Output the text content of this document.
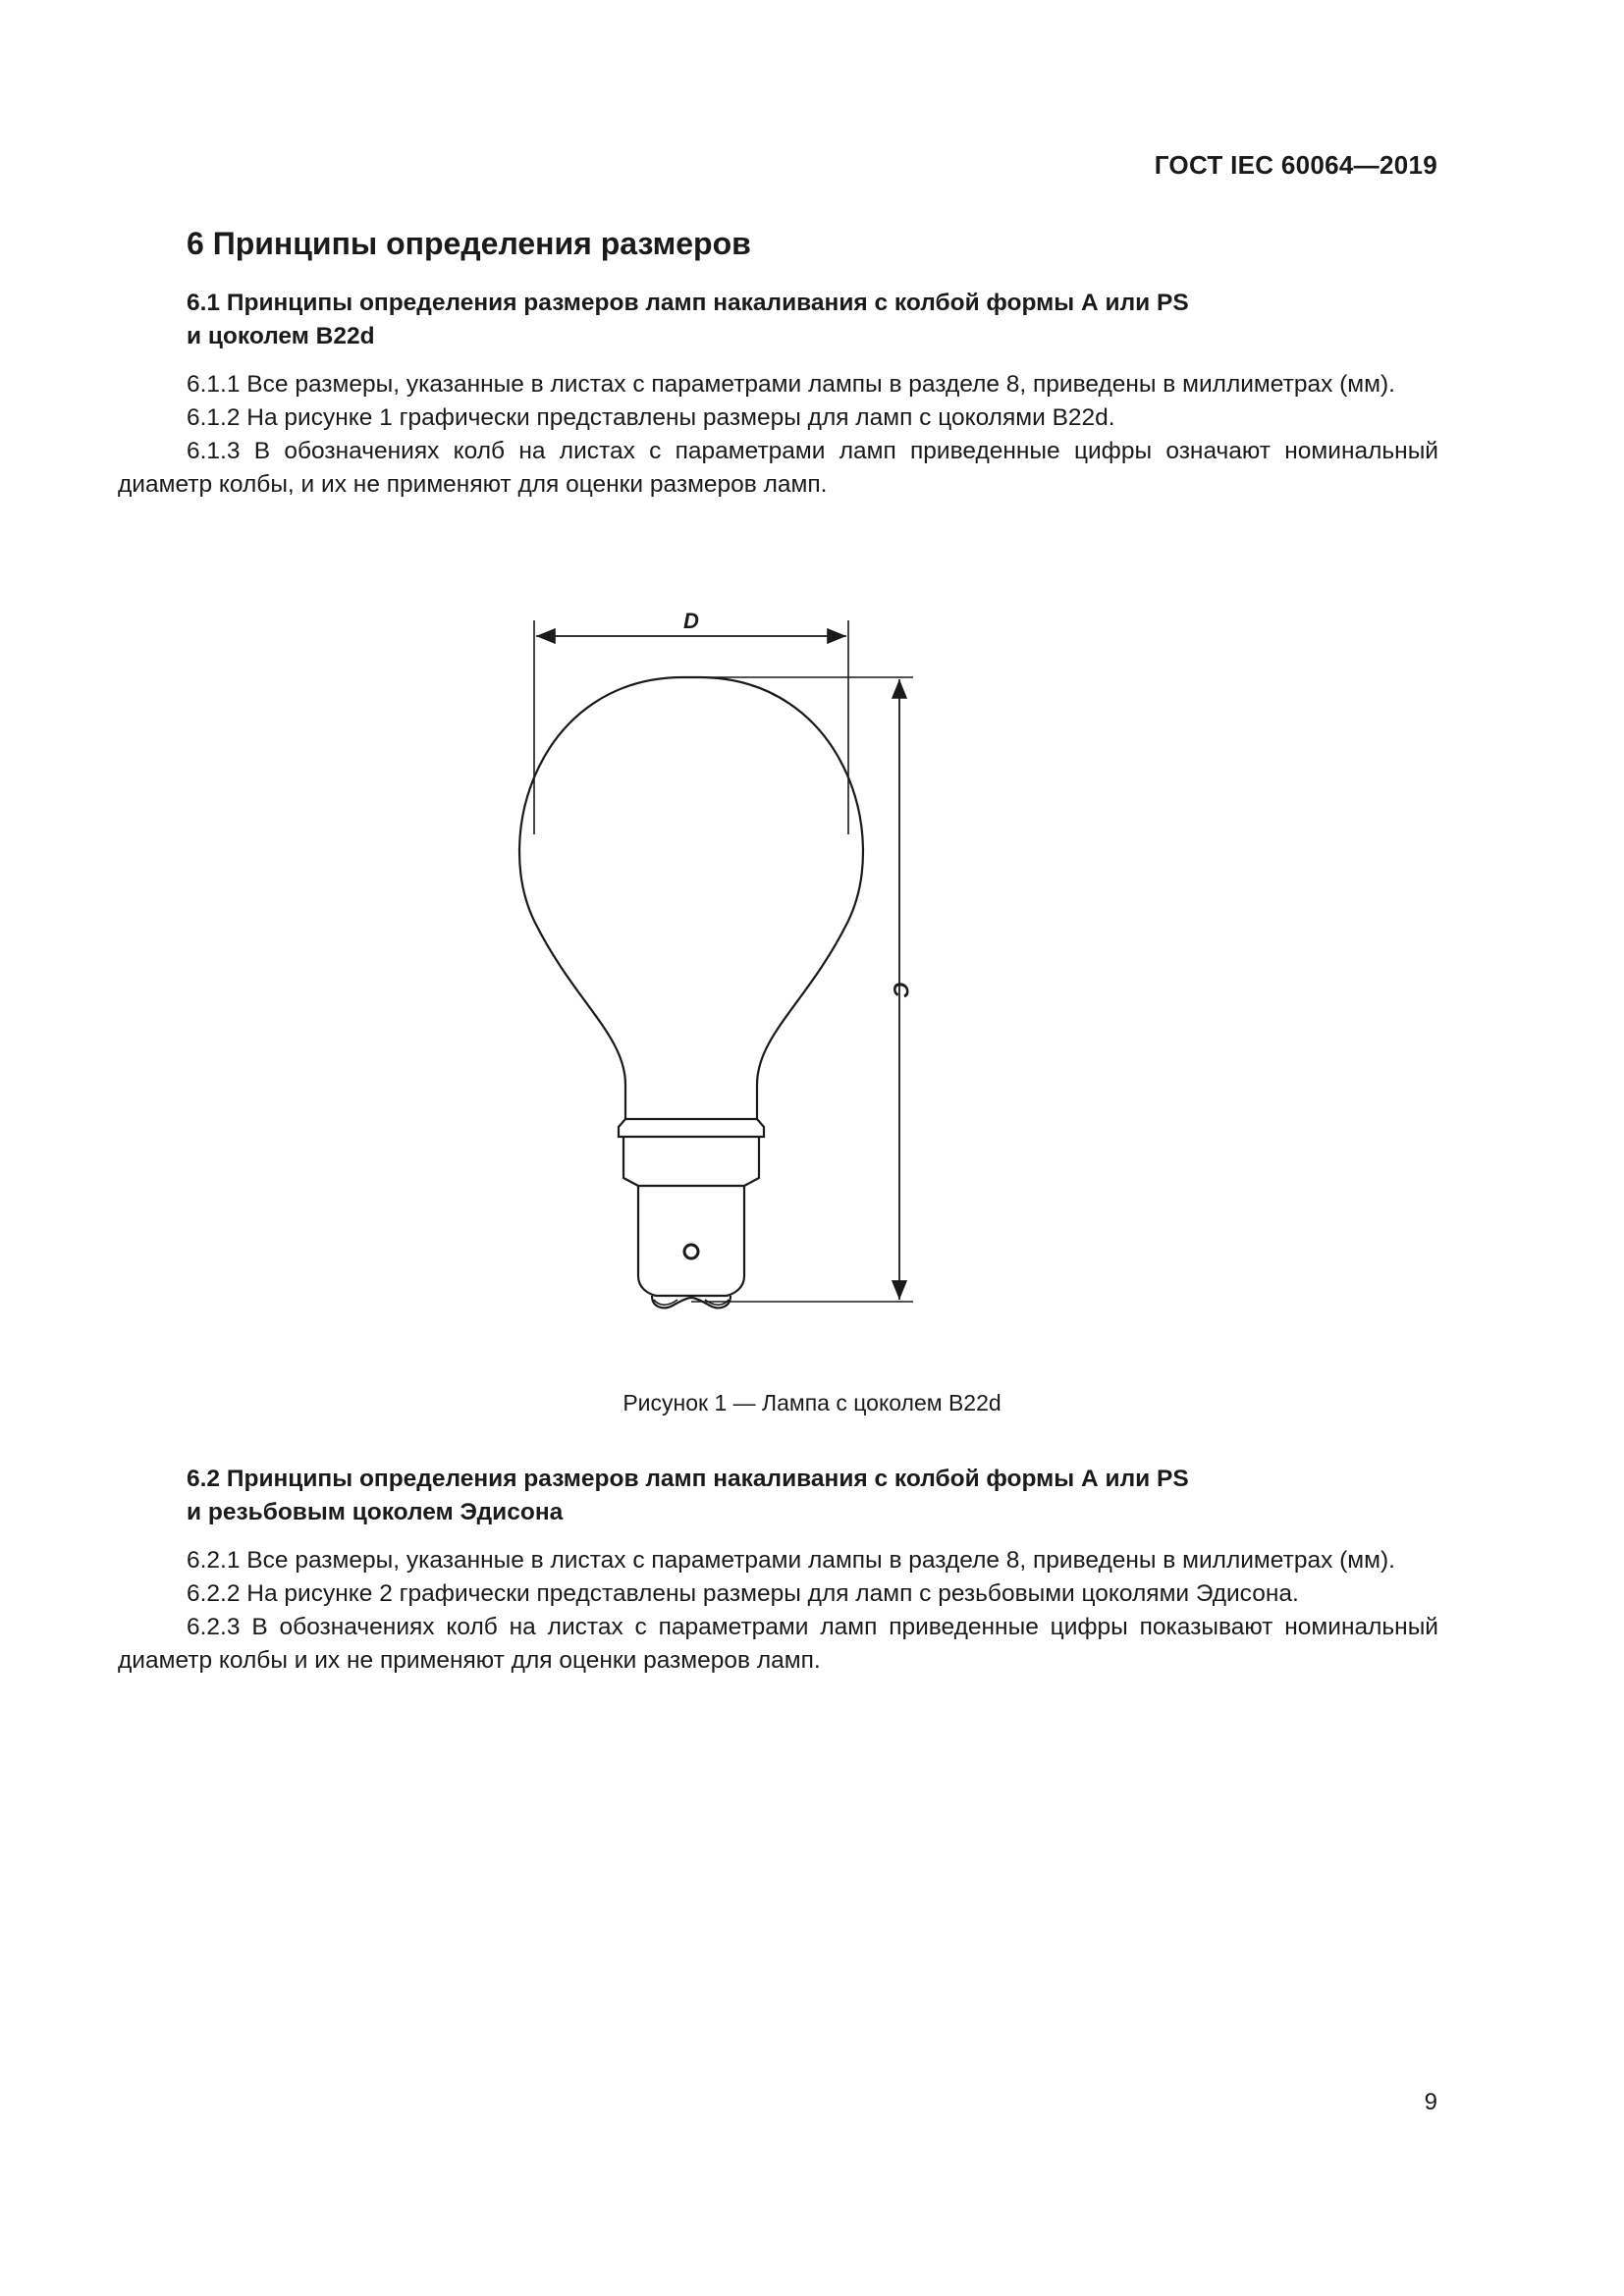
ГОСТ IEC 60064—2019
6 Принципы определения размеров
6.1 Принципы определения размеров ламп накаливания с колбой формы А или PS
и цоколем B22d

6.1.1 Все размеры, указанные в листах с параметрами лампы в разделе 8, приведены в миллиметрах (мм).

6.1.2 На рисунке 1 графически представлены размеры для ламп с цоколями B22d.

6.1.3 В обозначениях колб на листах с параметрами ламп приведенные цифры означают номинальный диаметр колбы, и их не применяют для оценки размеров ламп.

D
C
Рисунок 1 — Лампа с цоколем B22d
6.2 Принципы определения размеров ламп накаливания с колбой формы А или PS
и резьбовым цоколем Эдисона

6.2.1 Все размеры, указанные в листах с параметрами лампы в разделе 8, приведены в миллиметрах (мм).

6.2.2 На рисунке 2 графически представлены размеры для ламп с резьбовыми цоколями Эдисона.

6.2.3 В обозначениях колб на листах с параметрами ламп приведенные цифры показывают номинальный диаметр колбы и их не применяют для оценки размеров ламп.

9
